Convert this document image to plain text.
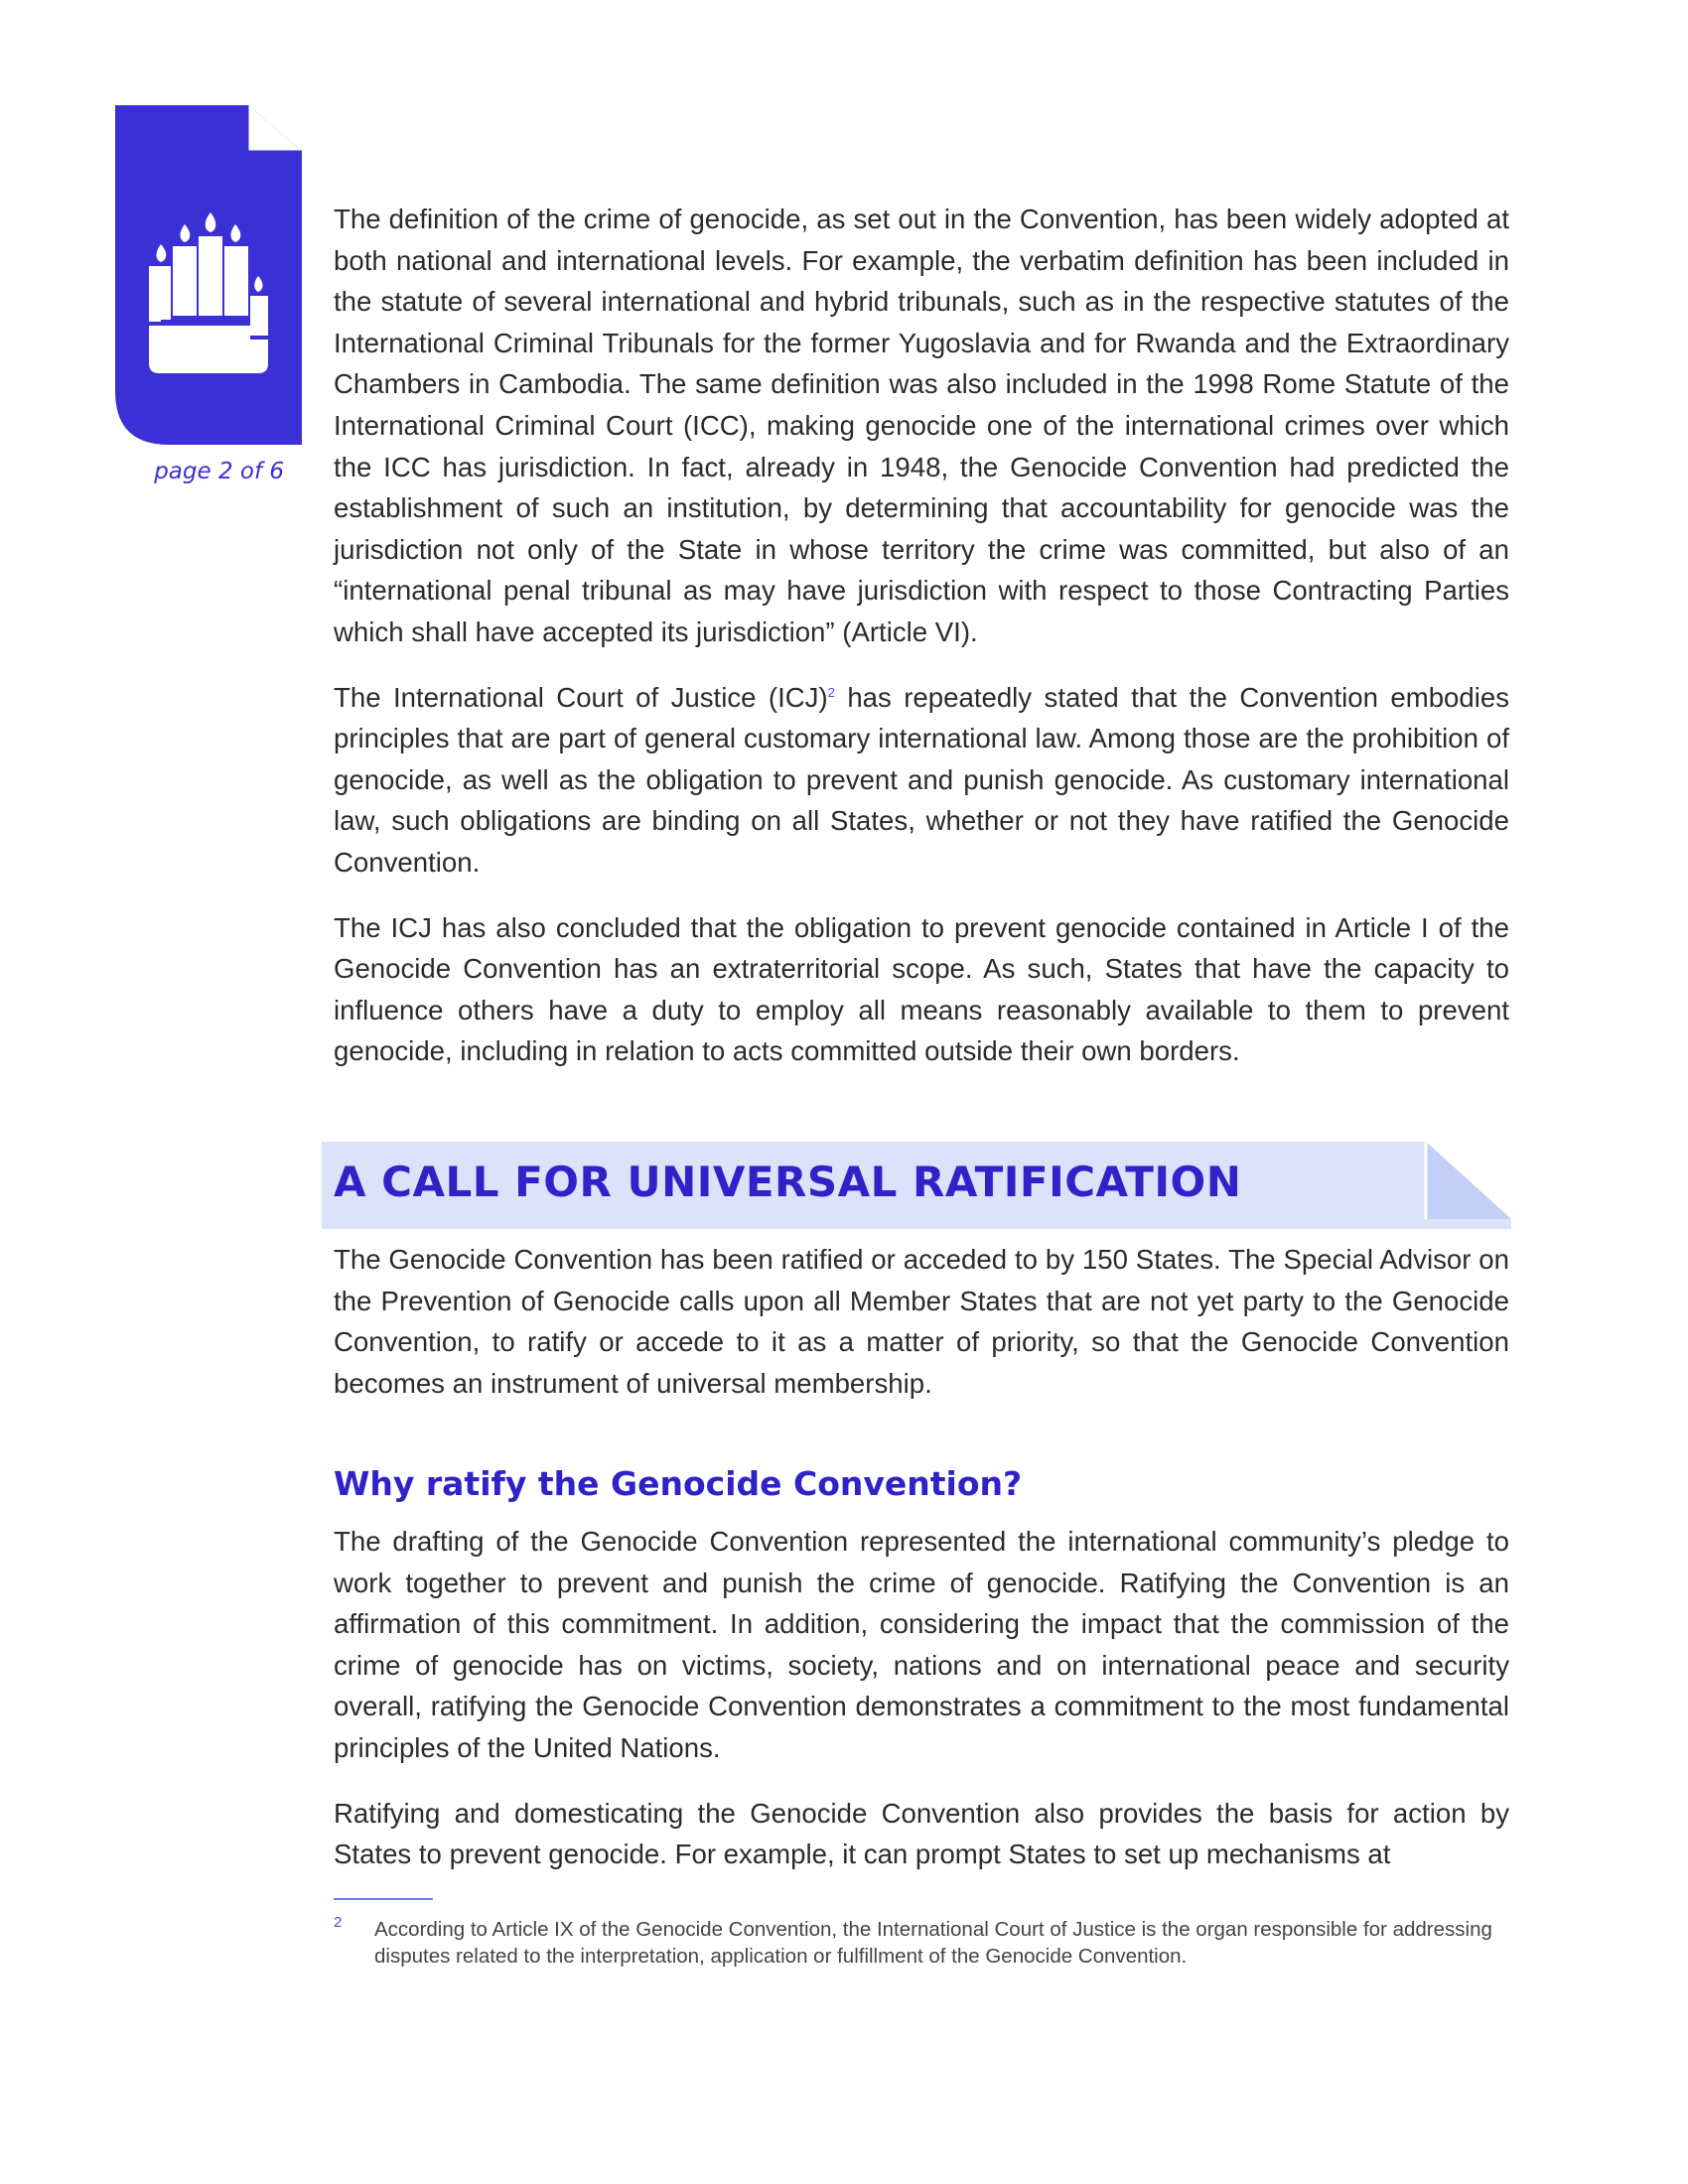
page 2 of 6

The definition of the crime of genocide, as set out in the Convention, has been widely adopted at both national and international levels. For example, the verbatim definition has been included in the statute of several international and hybrid tribunals, such as in the respective statutes of the International Criminal Tribunals for the former Yugoslavia and for Rwanda and the Extraordinary Chambers in Cambodia. The same definition was also included in the 1998 Rome Statute of the International Criminal Court (ICC), making genocide one of the international crimes over which the ICC has jurisdiction. In fact, already in 1948, the Genocide Convention had predicted the establishment of such an institution, by determining that accountability for genocide was the jurisdiction not only of the State in whose territory the crime was committed, but also of an “international penal tribunal as may have jurisdiction with respect to those Contracting Parties which shall have accepted its jurisdiction” (Article VI).

The International Court of Justice (ICJ)$^2$ has repeatedly stated that the Convention embodies principles that are part of general customary international law. Among those are the prohibition of genocide, as well as the obligation to prevent and punish genocide. As customary international law, such obligations are binding on all States, whether or not they have ratified the Genocide Convention.

The ICJ has also concluded that the obligation to prevent genocide contained in Article I of the Genocide Convention has an extraterritorial scope. As such, States that have the capacity to influence others have a duty to employ all means reasonably available to them to prevent genocide, including in relation to acts committed outside their own borders.

A CALL FOR UNIVERSAL RATIFICATION

The Genocide Convention has been ratified or acceded to by 150 States. The Special Advisor on the Prevention of Genocide calls upon all Member States that are not yet party to the Genocide Convention, to ratify or accede to it as a matter of priority, so that the Genocide Convention becomes an instrument of universal membership.

Why ratify the Genocide Convention?

The drafting of the Genocide Convention represented the international community’s pledge to work together to prevent and punish the crime of genocide. Ratifying the Convention is an affirmation of this commitment. In addition, considering the impact that the commission of the crime of genocide has on victims, society, nations and on international peace and security overall, ratifying the Genocide Convention demonstrates a commitment to the most fundamental principles of the United Nations.

Ratifying and domesticating the Genocide Convention also provides the basis for action by States to prevent genocide. For example, it can prompt States to set up mechanisms at

2 According to Article IX of the Genocide Convention, the International Court of Justice is the organ responsible for addressing disputes related to the interpretation, application or fulfillment of the Genocide Convention.
